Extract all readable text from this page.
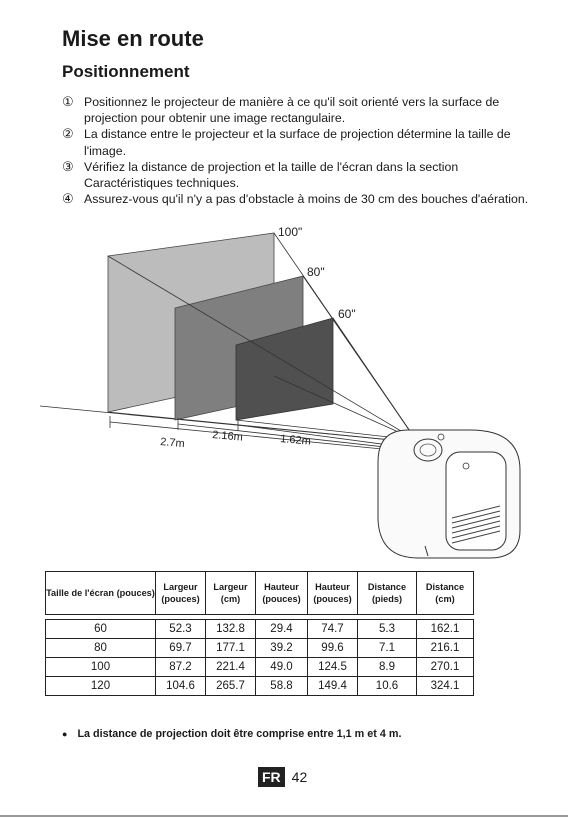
Mise en route
Positionnement
① Positionnez le projecteur de manière à ce qu'il soit orienté vers la surface de projection pour obtenir une image rectangulaire.
② La distance entre le projecteur et la surface de projection détermine la taille de l'image.
③ Vérifiez la distance de projection et la taille de l'écran dans la section Caractéristiques techniques.
④ Assurez-vous qu'il n'y a pas d'obstacle à moins de 30 cm des bouches d'aération.
100"
80"
60"
2.7m 2.16m	1.62m
Taille de l'écran (pouces)	Largeur (pouces)	Largeur (cm)	Hauteur (pouces)	Hauteur (pouces)	Distance (pieds)	Distance (cm)

60	52.3	132.8	29.4	74.7	5.3	162.1
80	69.7	177.1	39.2	99.6	7.1	216.1
100	87.2	221.4	49.0	124.5	8.9	270.1
120	104.6	265.7	58.8	149.4	10.6	324.1
● La distance de projection doit être comprise entre 1,1 m et 4 m.
FR 42
